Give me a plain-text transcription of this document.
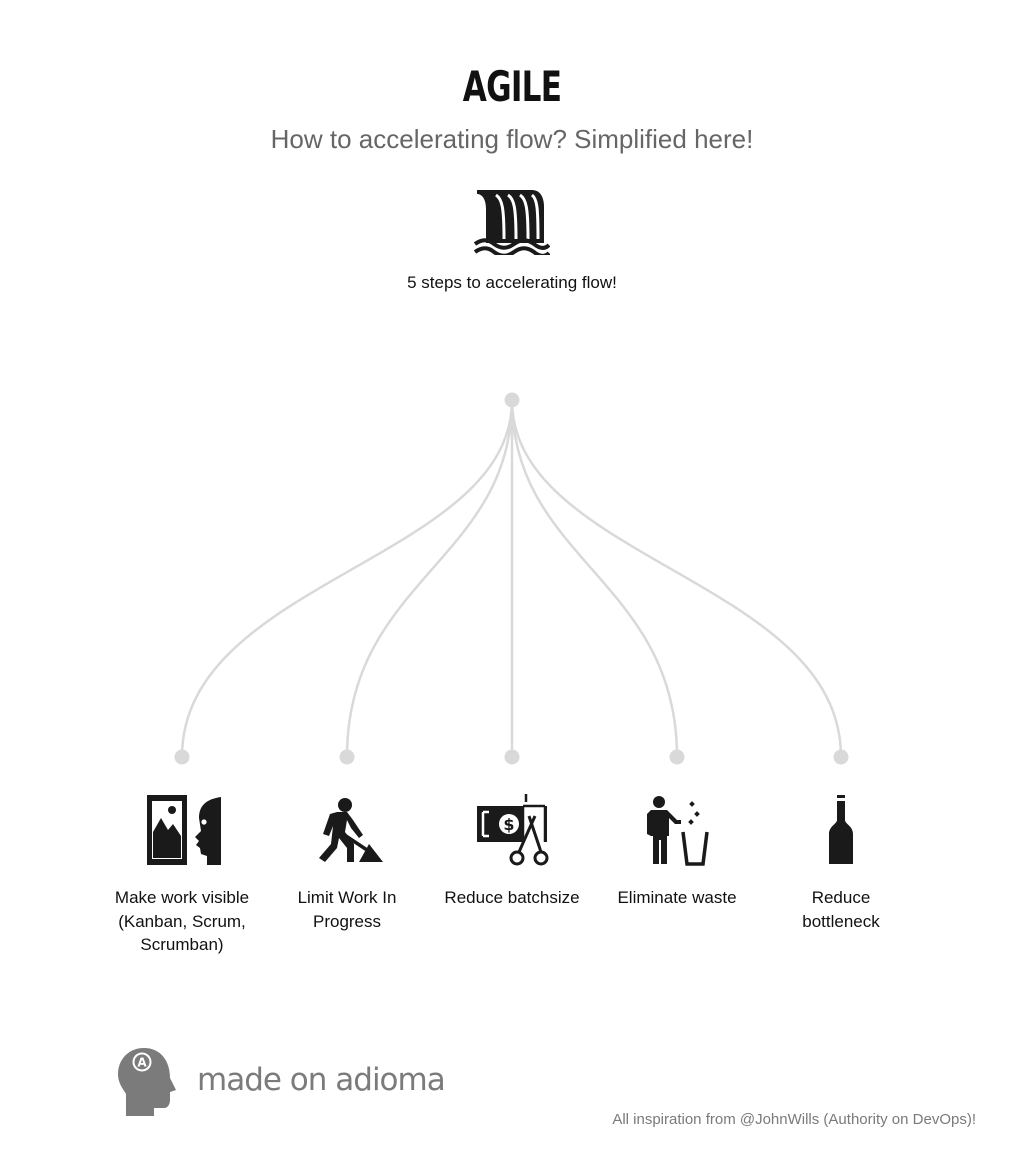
AGILE
How to accelerating flow? Simplified here!
5 steps to accelerating flow!
Make work visible (Kanban, Scrum, Scrumban)
Limit Work In Progress
$
Reduce batchsize	Eliminate waste	Reduce bottleneck
A made on adioma
All inspiration from @JohnWills (Authority on DevOps)!
